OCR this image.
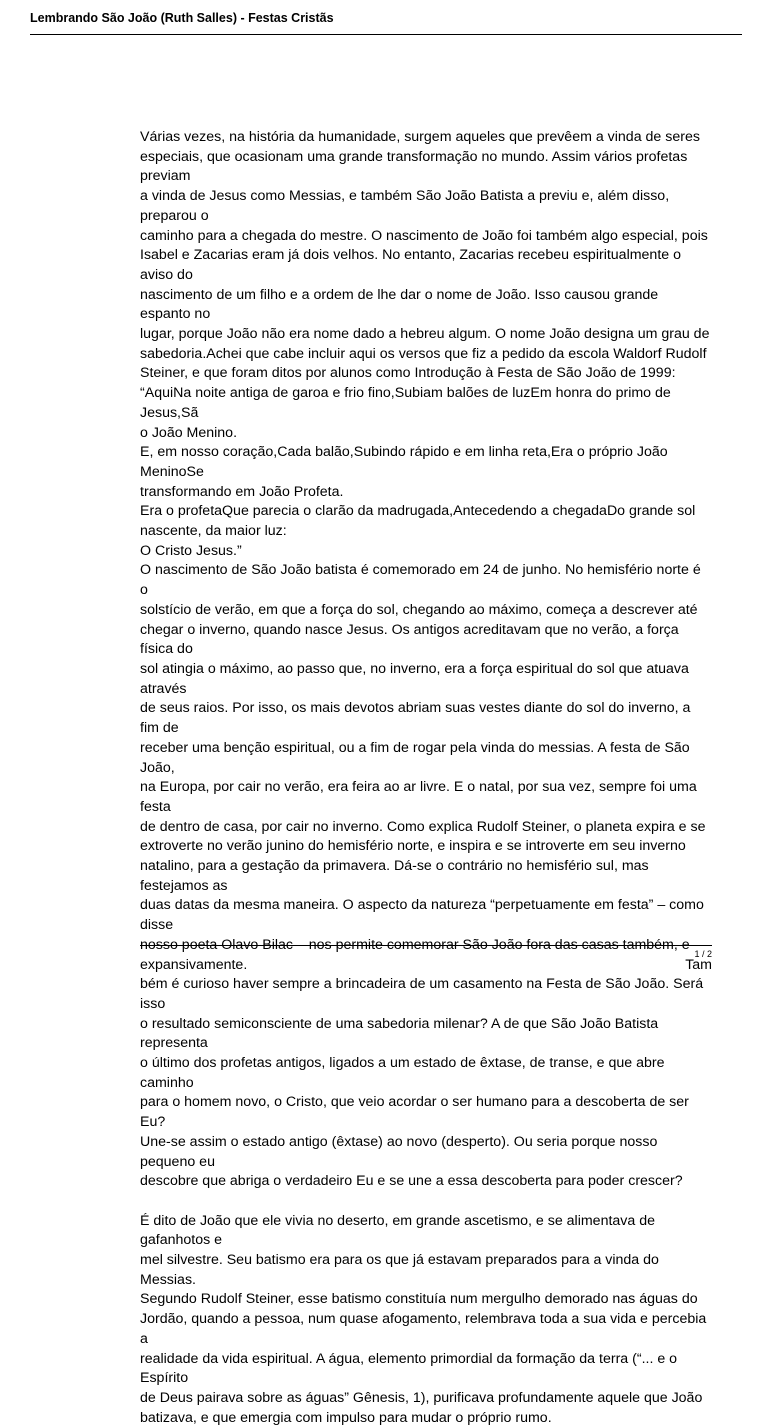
Lembrando São João (Ruth Salles) - Festas Cristãs

Várias vezes, na história da humanidade, surgem aqueles que prevêem a vinda de seres

especiais, que ocasionam uma grande transformação no mundo. Assim vários profetas previam

a vinda de Jesus como Messias, e também São João Batista a previu e, além disso, preparou o

caminho para a chegada do mestre. O nascimento de João foi também algo especial, pois

Isabel e Zacarias eram já dois velhos. No entanto, Zacarias recebeu espiritualmente o aviso do

nascimento de um filho e a ordem de lhe dar o nome de João. Isso causou grande espanto no

lugar, porque João não era nome dado a hebreu algum. O nome João designa um grau de

sabedoria.Achei que cabe incluir aqui os versos que fiz a pedido da escola Waldorf Rudolf

Steiner, e que foram ditos por alunos como Introdução à Festa de São João de 1999:

“AquiNa noite antiga de garoa e frio fino,Subiam balões de luzEm honra do primo de Jesus,Sã

o João Menino.

E, em nosso coração,Cada balão,Subindo rápido e em linha reta,Era o próprio João MeninoSe

transformando em João Profeta.

Era o profetaQue parecia o clarão da madrugada,Antecedendo a chegadaDo grande sol

nascente, da maior luz:

O Cristo Jesus.”

O nascimento de São João batista é comemorado em 24 de junho. No hemisfério norte é o

solstício de verão, em que a força do sol, chegando ao máximo, começa a descrever até

chegar o inverno, quando nasce Jesus. Os antigos acreditavam que no verão, a força física do

sol atingia o máximo, ao passo que, no inverno, era a força espiritual do sol que atuava através

de seus raios. Por isso, os mais devotos abriam suas vestes diante do sol do inverno, a fim de

receber uma benção espiritual, ou a fim de rogar pela vinda do messias. A festa de São João,

na Europa, por cair no verão, era feira ao ar livre. E o natal, por sua vez, sempre foi uma festa

de dentro de casa, por cair no inverno. Como explica Rudolf Steiner, o planeta expira e se

extroverte no verão junino do hemisfério norte, e inspira e se introverte em seu inverno

natalino, para a gestação da primavera. Dá-se o contrário no hemisfério sul, mas festejamos as

duas datas da mesma maneira. O aspecto da natureza “perpetuamente em festa” – como disse

nosso poeta Olavo Bilac – nos permite comemorar São João fora das casas também, e

expansivamente. Tam

bém é curioso haver sempre a brincadeira de um casamento na Festa de São João. Será isso

o resultado semiconsciente de uma sabedoria milenar? A de que São João Batista representa

o último dos profetas antigos, ligados a um estado de êxtase, de transe, e que abre caminho

para o homem novo, o Cristo, que veio acordar o ser humano para a descoberta de ser Eu?

Une-se assim o estado antigo (êxtase) ao novo (desperto). Ou seria porque nosso pequeno eu

descobre que abriga o verdadeiro Eu e se une a essa descoberta para poder crescer?

É dito de João que ele vivia no deserto, em grande ascetismo, e se alimentava de gafanhotos e

mel silvestre. Seu batismo era para os que já estavam preparados para a vinda do Messias.

Segundo Rudolf Steiner, esse batismo constituía num mergulho demorado nas águas do

Jordão, quando a pessoa, num quase afogamento, relembrava toda a sua vida e percebia a

realidade da vida espiritual. A água, elemento primordial da formação da terra (“... e o Espírito

de Deus pairava sobre as águas” Gênesis, 1), purificava profundamente aquele que João

batizava, e que emergia com impulso para mudar o próprio rumo.

1 / 2
